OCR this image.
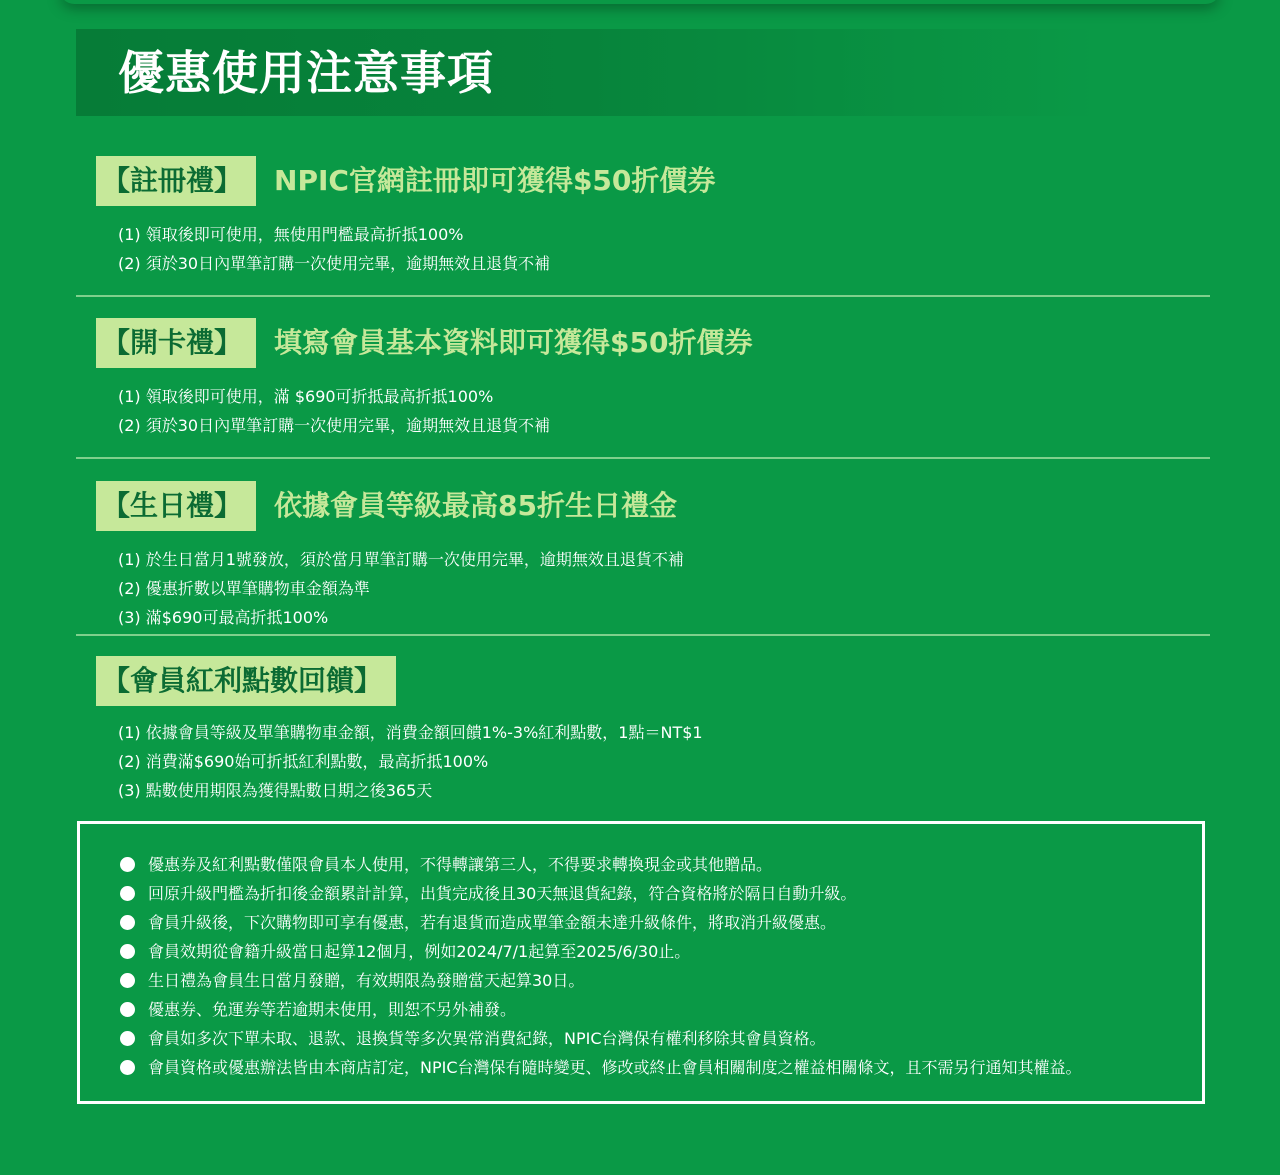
優惠使用注意事項
【註冊禮】 NPIC官網註冊即可獲得$50折價券
(1) 領取後即可使用，無使用門檻最高折抵100%
(2) 須於30日內單筆訂購一次使用完畢，逾期無效且退貨不補
【開卡禮】 填寫會員基本資料即可獲得$50折價券
(1) 領取後即可使用，滿 $690可折抵最高折抵100%
(2) 須於30日內單筆訂購一次使用完畢，逾期無效且退貨不補
【生日禮】 依據會員等級最高85折生日禮金
(1) 於生日當月1號發放，須於當月單筆訂購一次使用完畢，逾期無效且退貨不補
(2) 優惠折數以單筆購物車金額為準
(3) 滿$690可最高折抵100%
【會員紅利點數回饋】
(1) 依據會員等級及單筆購物車金額，消費金額回饋1%-3%紅利點數，1點＝NT$1
(2) 消費滿$690始可折抵紅利點數，最高折抵100%
(3) 點數使用期限為獲得點數日期之後365天
優惠券及紅利點數僅限會員本人使用，不得轉讓第三人，不得要求轉換現金或其他贈品。
回原升級門檻為折扣後金額累計計算，出貨完成後且30天無退貨紀錄，符合資格將於隔日自動升級。
會員升級後，下次購物即可享有優惠，若有退貨而造成單筆金額未達升級條件，將取消升級優惠。
會員效期從會籍升級當日起算12個月，例如2024/7/1起算至2025/6/30止。
生日禮為會員生日當月發贈，有效期限為發贈當天起算30日。
優惠券、免運券等若逾期未使用，則恕不另外補發。
會員如多次下單未取、退款、退換貨等多次異常消費紀錄，NPIC台灣保有權利移除其會員資格。
會員資格或優惠辦法皆由本商店訂定，NPIC台灣保有隨時變更、修改或終止會員相關制度之權益相關條文，且不需另行通知其權益。
